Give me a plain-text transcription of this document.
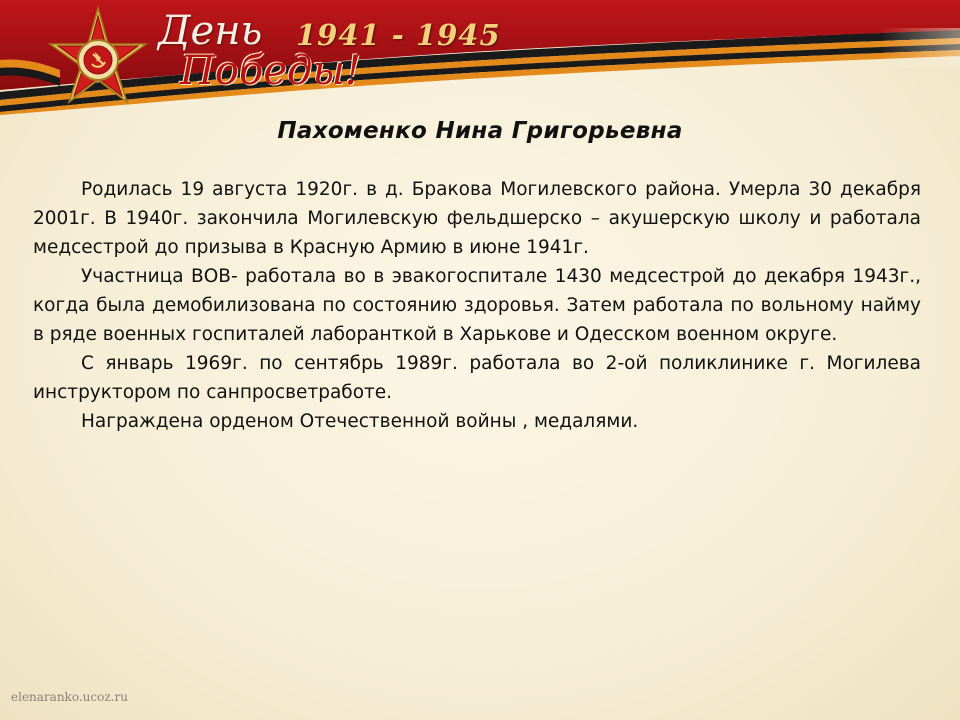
День
Победы!
1941 - 1945
Пахоменко Нина Григорьевна

Родилась 19 августа 1920г. в д. Бракова Могилевского района. Умерла 30 декабря 2001г. В 1940г. закончила Могилевскую фельдшерско – акушерскую школу и работала медсестрой до призыва в Красную Армию в июне 1941г.

Участница ВОВ- работала во в эвакогоспитале 1430 медсестрой до декабря 1943г., когда была демобилизована по состоянию здоровья. Затем работала по вольному найму в ряде военных госпиталей лаборанткой в Харькове и Одесском военном округе.

С январь 1969г. по сентябрь 1989г. работала во 2-ой поликлинике г. Могилева инструктором по санпросветработе.

Награждена орденом Отечественной войны , медалями.

elenaranko.ucoz.ru
